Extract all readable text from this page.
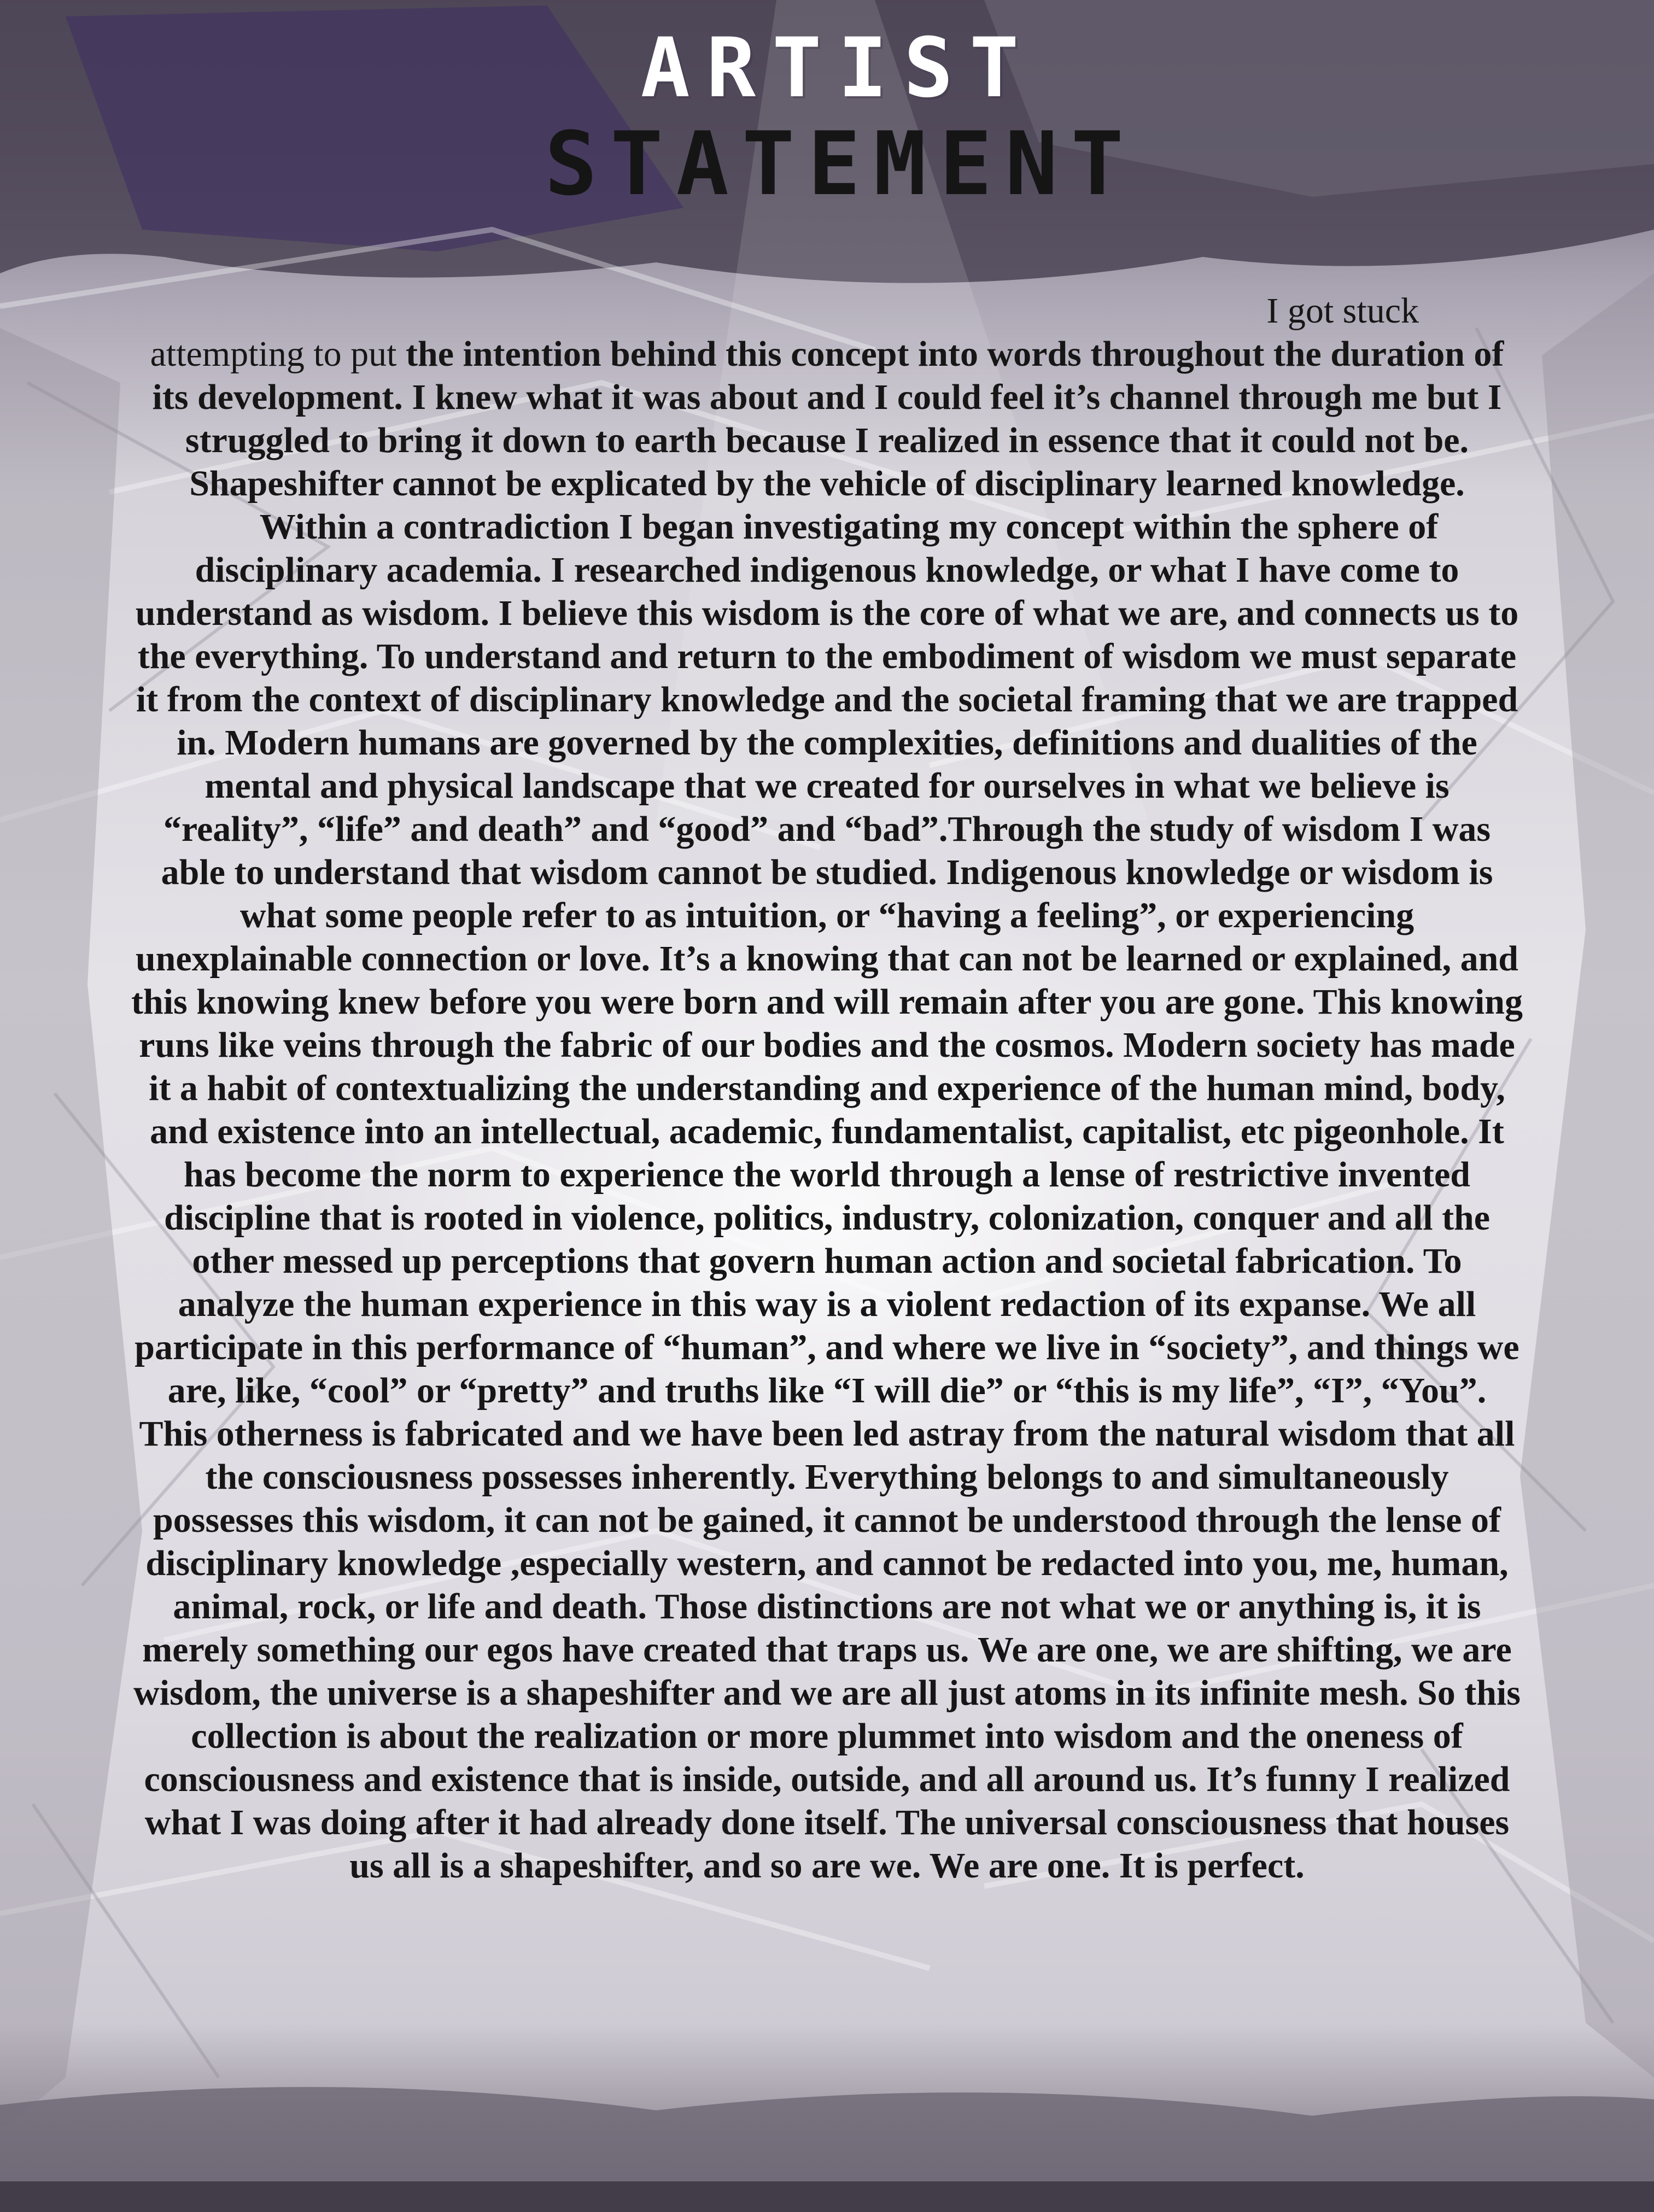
ARTIST
STATEMENT

I got stuck
attempting to put the intention behind this concept into words throughout the duration of its development. I knew what it was about and I could feel it’s channel through me but I struggled to bring it down to earth because I realized in essence that it could not be. Shapeshifter cannot be explicated by the vehicle of disciplinary learned knowledge.

Within a contradiction I began investigating my concept within the sphere of disciplinary academia. I researched indigenous knowledge, or what I have come to understand as wisdom. I believe this wisdom is the core of what we are, and connects us to the everything. To understand and return to the embodiment of wisdom we must separate it from the context of disciplinary knowledge and the societal framing that we are trapped in. Modern humans are governed by the complexities, definitions and dualities of the mental and physical landscape that we created for ourselves in what we believe is “reality”, “life” and death” and “good” and “bad”.Through the study of wisdom I was able to understand that wisdom cannot be studied. Indigenous knowledge or wisdom is what some people refer to as intuition, or “having a feeling”, or experiencing unexplainable connection or love. It’s a knowing that can not be learned or explained, and this knowing knew before you were born and will remain after you are gone. This knowing runs like veins through the fabric of our bodies and the cosmos. Modern society has made it a habit of contextualizing the understanding and experience of the human mind, body, and existence into an intellectual, academic, fundamentalist, capitalist, etc pigeonhole. It has become the norm to experience the world through a lense of restrictive invented discipline that is rooted in violence, politics, industry, colonization, conquer and all the other messed up perceptions that govern human action and societal fabrication. To analyze the human experience in this way is a violent redaction of its expanse. We all participate in this performance of “human”, and where we live in “society”, and things we are, like, “cool” or “pretty” and truths like “I will die” or “this is my life”, “I”, “You”. This otherness is fabricated and we have been led astray from the natural wisdom that all the consciousness possesses inherently. Everything belongs to and simultaneously possesses this wisdom, it can not be gained, it cannot be understood through the lense of disciplinary knowledge ,especially western, and cannot be redacted into you, me, human, animal, rock, or life and death. Those distinctions are not what we or anything is, it is merely something our egos have created that traps us. We are one, we are shifting, we are wisdom, the universe is a shapeshifter and we are all just atoms in its infinite mesh. So this collection is about the realization or more plummet into wisdom and the oneness of consciousness and existence that is inside, outside, and all around us. It’s funny I realized what I was doing after it had already done itself. The universal consciousness that houses us all is a shapeshifter, and so are we. We are one. It is perfect.
